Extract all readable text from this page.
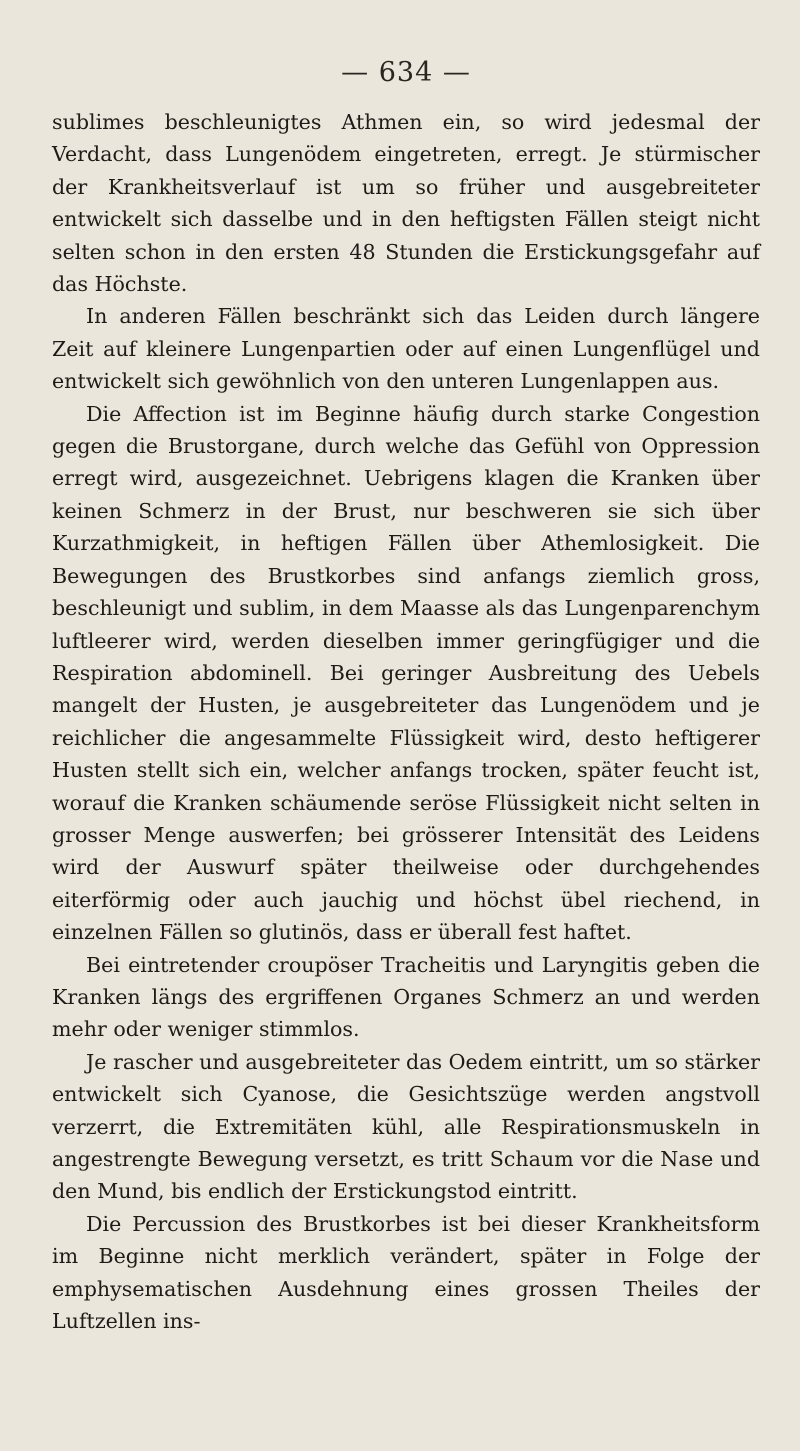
— 634 —

sublimes beschleunigtes Athmen ein, so wird jedesmal der Verdacht, dass Lungenödem eingetreten, erregt. Je stürmischer der Krankheitsverlauf ist um so früher und ausgebreiteter entwickelt sich dasselbe und in den heftigsten Fällen steigt nicht selten schon in den ersten 48 Stunden die Erstickungsgefahr auf das Höchste.

In anderen Fällen beschränkt sich das Leiden durch längere Zeit auf kleinere Lungenpartien oder auf einen Lungenflügel und entwickelt sich gewöhnlich von den unteren Lungenlappen aus.

Die Affection ist im Beginne häufig durch starke Congestion gegen die Brustorgane, durch welche das Gefühl von Oppression erregt wird, ausgezeichnet. Uebrigens klagen die Kranken über keinen Schmerz in der Brust, nur beschweren sie sich über Kurzathmigkeit, in heftigen Fällen über Athemlosigkeit. Die Bewegungen des Brustkorbes sind anfangs ziemlich gross, beschleunigt und sublim, in dem Maasse als das Lungenparenchym luftleerer wird, werden dieselben immer geringfügiger und die Respiration abdominell. Bei geringer Ausbreitung des Uebels mangelt der Husten, je ausgebreiteter das Lungenödem und je reichlicher die angesammelte Flüssigkeit wird, desto heftigerer Husten stellt sich ein, welcher anfangs trocken, später feucht ist, worauf die Kranken schäumende seröse Flüssigkeit nicht selten in grosser Menge auswerfen; bei grösserer Intensität des Leidens wird der Auswurf später theilweise oder durchgehendes eiterförmig oder auch jauchig und höchst übel riechend, in einzelnen Fällen so glutinös, dass er überall fest haftet.

Bei eintretender croupöser Tracheitis und Laryngitis geben die Kranken längs des ergriffenen Organes Schmerz an und werden mehr oder weniger stimmlos.

Je rascher und ausgebreiteter das Oedem eintritt, um so stärker entwickelt sich Cyanose, die Gesichtszüge werden angstvoll verzerrt, die Extremitäten kühl, alle Respirationsmuskeln in angestrengte Bewegung versetzt, es tritt Schaum vor die Nase und den Mund, bis endlich der Erstickungstod eintritt.

Die Percussion des Brustkorbes ist bei dieser Krankheitsform im Beginne nicht merklich verändert, später in Folge der emphysematischen Ausdehnung eines grossen Theiles der Luftzellen ins-
